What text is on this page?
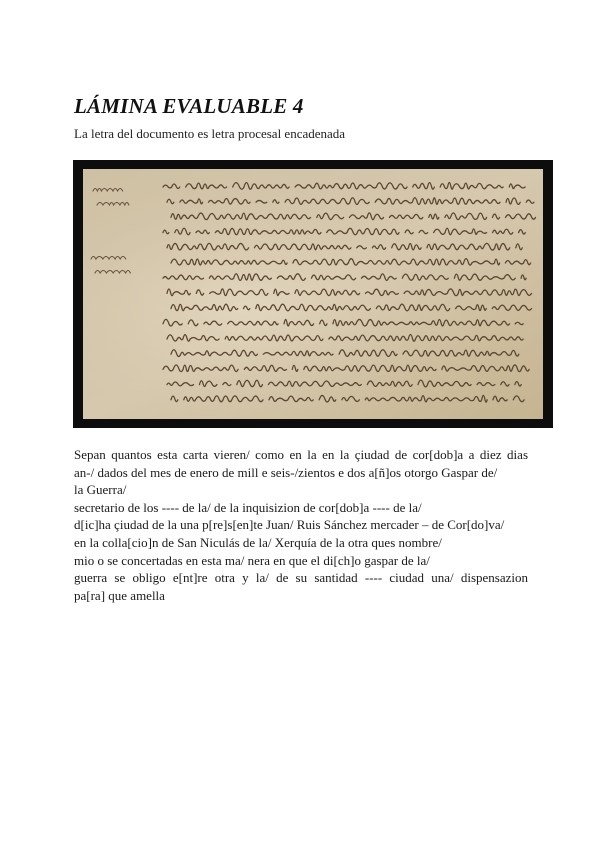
LÁMINA EVALUABLE 4
La letra del documento es letra procesal encadenada
Sepan quantos esta carta vieren/ como en la en la çiudad de cor[dob]a a diez dias
an-/ dados del mes de enero de mill e seis-/zientos e dos a[ñ]os otorgo Gaspar de/
la Guerra/
secretario de los ---- de la/ de la inquisizion de cor[dob]a ---- de la/
d[ic]ha çiudad de la una p[re]s[en]te Juan/ Ruis Sánchez mercader – de Cor[do]va/
en la colla[cio]n de San Niculás de la/ Xerquía de la otra ques nombre/
mio o se concertadas en esta ma/ nera en que el di[ch]o gaspar de la/
guerra se obligo e[nt]re otra y la/ de su santidad ---- ciudad una/ dispensazion
pa[ra] que amella
